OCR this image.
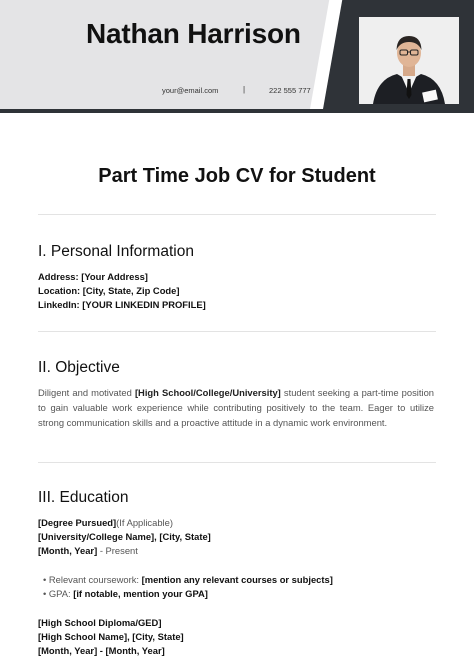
Nathan Harrison
your@email.com	|	222 555 777
Part Time Job CV for Student
I. Personal Information
Address: [Your Address]
Location: [City, State, Zip Code]
LinkedIn: [YOUR LINKEDIN PROFILE]
II. Objective
Diligent and motivated [High School/College/University] student seeking a part-time position to gain valuable work experience while contributing positively to the team. Eager to utilize strong communication skills and a proactive attitude in a dynamic work environment.
III. Education
[Degree Pursued](If Applicable)
[University/College Name], [City, State]
[Month, Year] - Present
• Relevant coursework: [mention any relevant courses or subjects]
• GPA: [if notable, mention your GPA]
[High School Diploma/GED]
[High School Name], [City, State]
[Month, Year] - [Month, Year]
